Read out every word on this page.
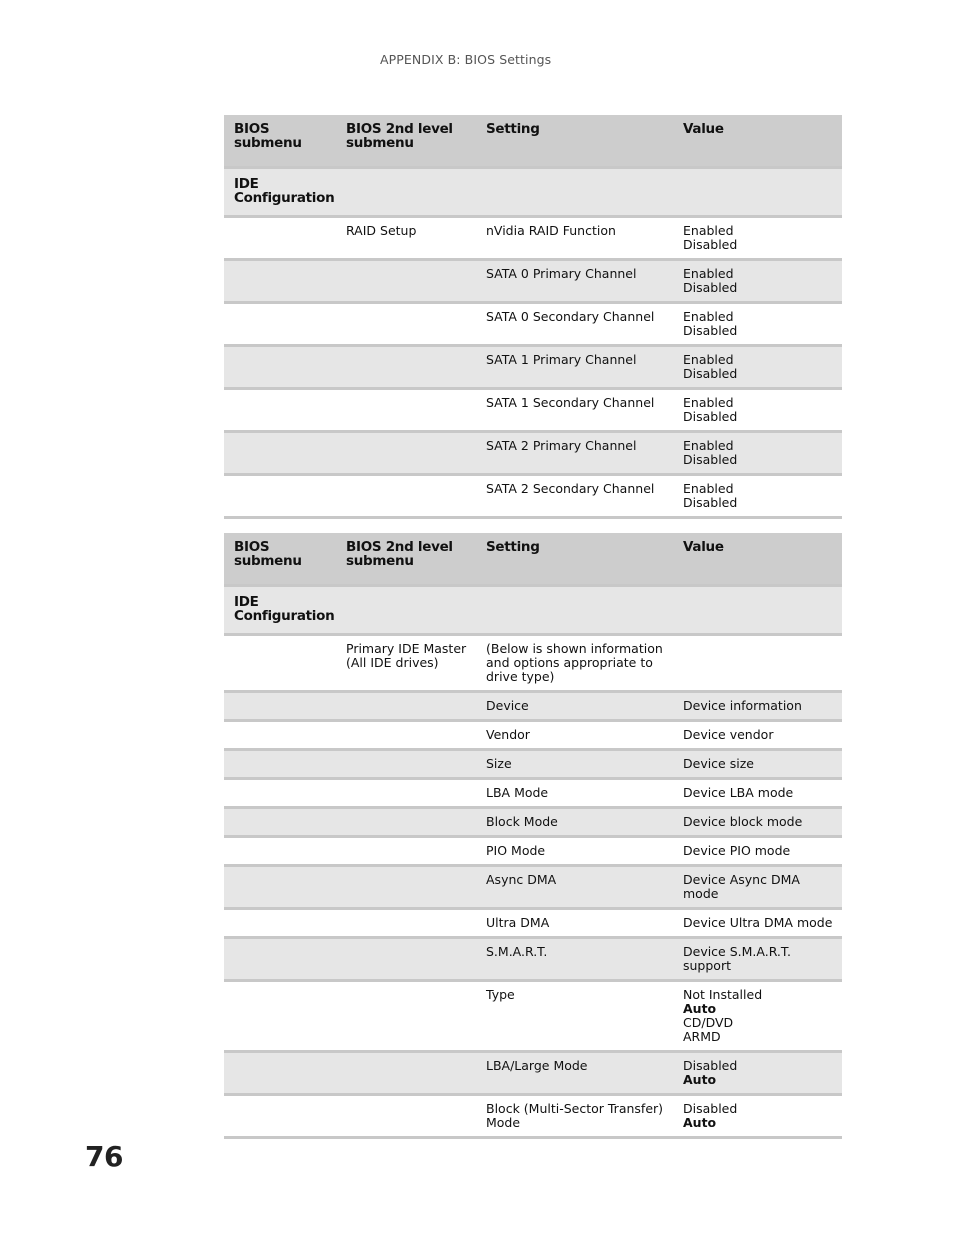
APPENDIX B: BIOS Settings
BIOS submenu	BIOS 2nd level submenu	Setting	Value
IDE Configuration			
	RAID Setup	nVidia RAID Function	Enabled
Disabled

		SATA 0 Primary Channel	Enabled
Disabled

		SATA 0 Secondary Channel	Enabled
Disabled

		SATA 1 Primary Channel	Enabled
Disabled

		SATA 1 Secondary Channel	Enabled
Disabled

		SATA 2 Primary Channel	Enabled
Disabled

		SATA 2 Secondary Channel	Enabled
Disabled
BIOS submenu	BIOS 2nd level submenu	Setting	Value
IDE Configuration			
	Primary IDE Master (All IDE drives)	(Below is shown information and options appropriate to drive type)	
		Device	Device information

		Vendor	Device vendor

		Size	Device size

		LBA Mode	Device LBA mode

		Block Mode	Device block mode

		PIO Mode	Device PIO mode

		Async DMA	Device Async DMA mode

		Ultra DMA	Device Ultra DMA mode

		S.M.A.R.T.	Device S.M.A.R.T. support

		Type	Not Installed
Auto
CD/DVD
ARMD

		LBA/Large Mode	Disabled
Auto

		Block (Multi-Sector Transfer) Mode	Disabled
Auto
76
